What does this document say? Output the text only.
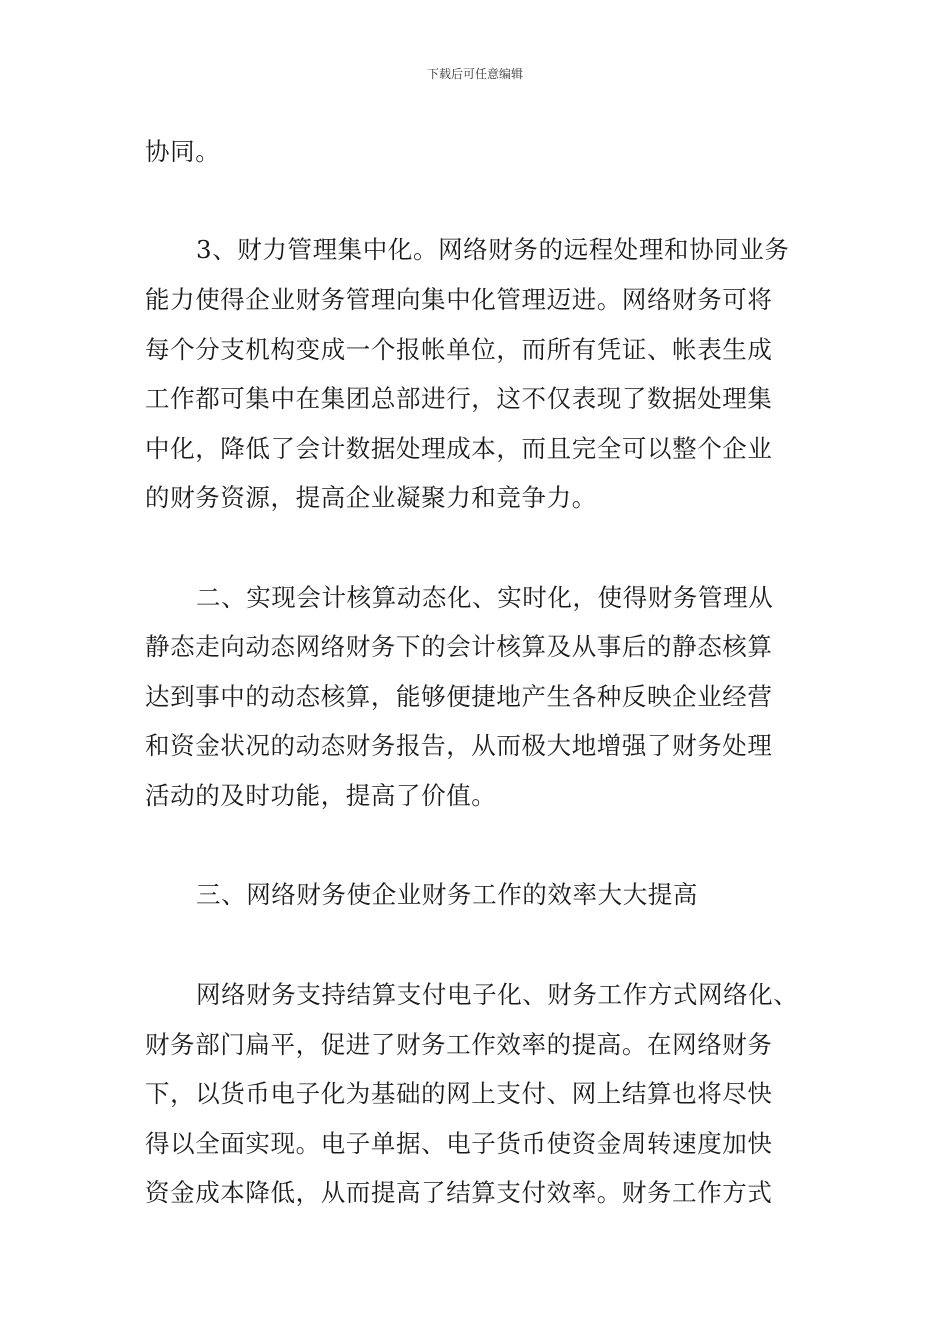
下载后可任意编辑
协同。
3、财力管理集中化。网络财务的远程处理和协同业务
能力使得企业财务管理向集中化管理迈进。网络财务可将
每个分支机构变成一个报帐单位，而所有凭证、帐表生成
工作都可集中在集团总部进行，这不仅表现了数据处理集
中化，降低了会计数据处理成本，而且完全可以整个企业
的财务资源，提高企业凝聚力和竞争力。
二、实现会计核算动态化、实时化，使得财务管理从
静态走向动态网络财务下的会计核算及从事后的静态核算
达到事中的动态核算，能够便捷地产生各种反映企业经营
和资金状况的动态财务报告，从而极大地增强了财务处理
活动的及时功能，提高了价值。
三、网络财务使企业财务工作的效率大大提高
网络财务支持结算支付电子化、财务工作方式网络化、
财务部门扁平，促进了财务工作效率的提高。在网络财务
下，以货币电子化为基础的网上支付、网上结算也将尽快
得以全面实现。电子单据、电子货币使资金周转速度加快
资金成本降低，从而提高了结算支付效率。财务工作方式
